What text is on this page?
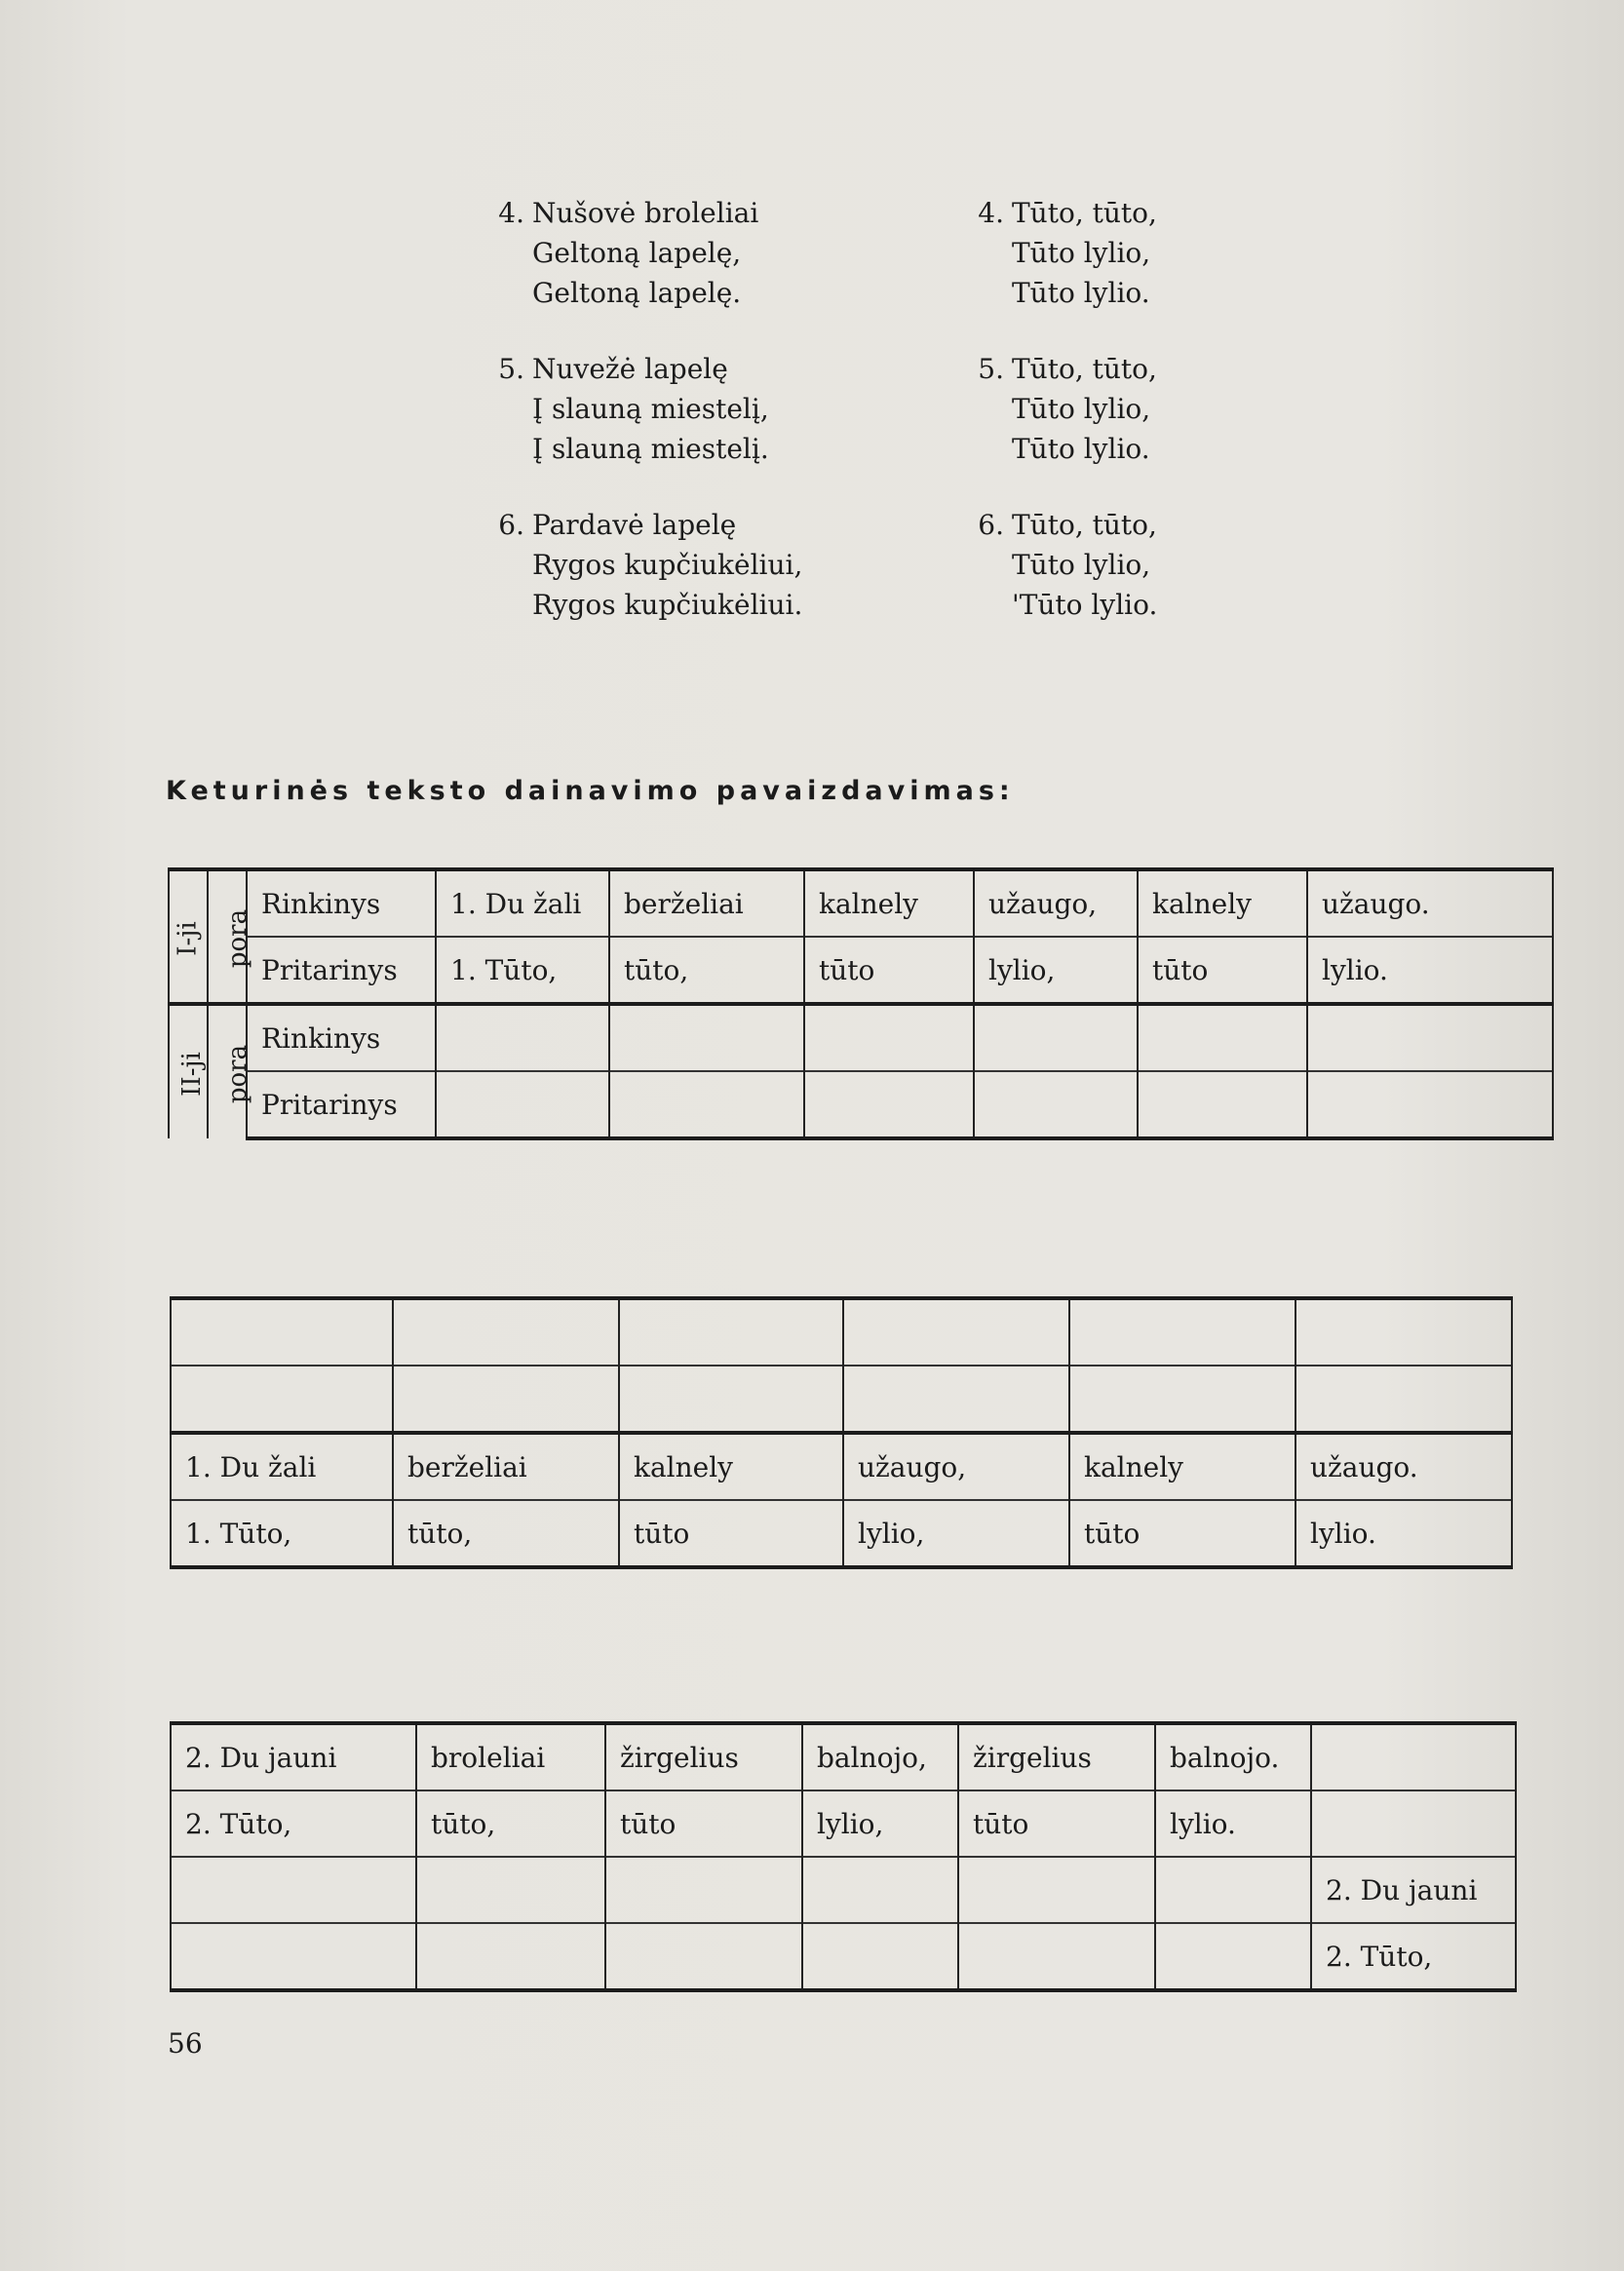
4. Nušovė broleliai
Geltoną lapelę,
Geltoną lapelę.
4. Tūto, tūto,
Tūto lylio,
Tūto lylio.
5. Nuvežė lapelę
Į slauną miestelį,
Į slauną miestelį.
5. Tūto, tūto,
Tūto lylio,
Tūto lylio.
6. Pardavė lapelę
Rygos kupčiukėliui,
Rygos kupčiukėliui.
6. Tūto, tūto,
Tūto lylio,
'Tūto lylio.
Keturinės teksto dainavimo pavaizdavimas:
I-ji	pora	Rinkinys	1. Du žali	berželiai	kalnely	užaugo,	kalnely	užaugo.
		Pritarinys	1. Tūto,	tūto,	tūto	lylio,	tūto	lylio.
II-ji	pora	Rinkinys						
		Pritarinys						

1. Du žali	berželiai	kalnely	užaugo,	kalnely	užaugo.
1. Tūto,	tūto,	tūto	lylio,	tūto	lylio.
2. Du jauni	broleliai	žirgelius	balnojo,	žirgelius	balnojo.	
2. Tūto,	tūto,	tūto	lylio,	tūto	lylio.	
						2. Du jauni
						2. Tūto,
56
